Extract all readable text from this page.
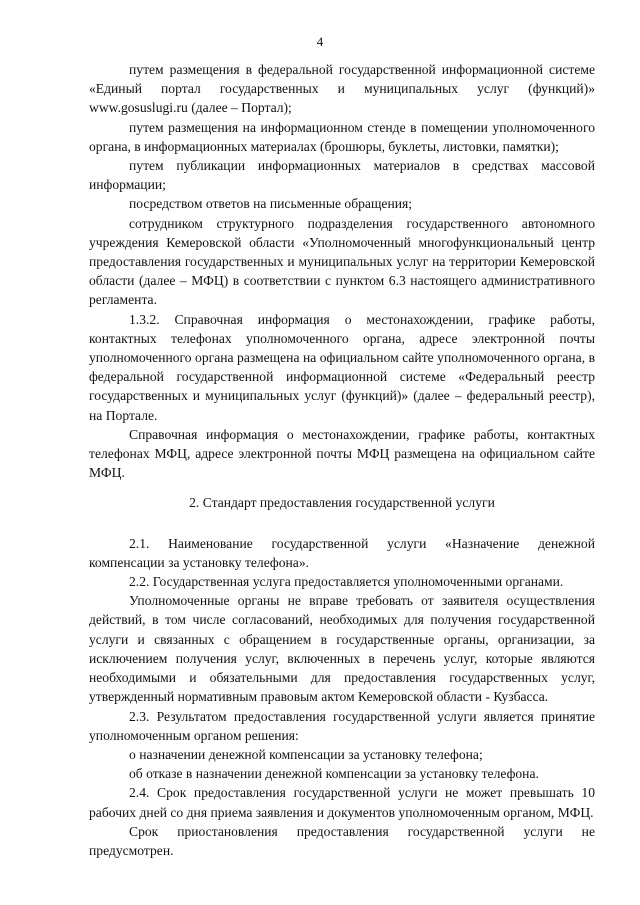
4

путем размещения в федеральной государственной информационной системе «Единый портал государственных и муниципальных услуг (функций)» www.gosuslugi.ru (далее – Портал);

путем размещения на информационном стенде в помещении уполномоченного органа, в информационных материалах (брошюры, буклеты, листовки, памятки);

путем публикации информационных материалов в средствах массовой информации;

посредством ответов на письменные обращения;

сотрудником структурного подразделения государственного автономного учреждения Кемеровской области «Уполномоченный многофункциональный центр предоставления государственных и муниципальных услуг на территории Кемеровской области (далее – МФЦ) в соответствии с пунктом 6.3 настоящего административного регламента.

1.3.2. Справочная информация о местонахождении, графике работы, контактных телефонах уполномоченного органа, адресе электронной почты уполномоченного органа размещена на официальном сайте уполномоченного органа, в федеральной государственной информационной системе «Федеральный реестр государственных и муниципальных услуг (функций)» (далее – федеральный реестр), на Портале.

Справочная информация о местонахождении, графике работы, контактных телефонах МФЦ, адресе электронной почты МФЦ размещена на официальном сайте МФЦ.

2. Стандарт предоставления государственной услуги

2.1. Наименование государственной услуги «Назначение денежной компенсации за установку телефона».

2.2. Государственная услуга предоставляется уполномоченными органами.

Уполномоченные органы не вправе требовать от заявителя осуществления действий, в том числе согласований, необходимых для получения государственной услуги и связанных с обращением в государственные органы, организации, за исключением получения услуг, включенных в перечень услуг, которые являются необходимыми и обязательными для предоставления государственных услуг, утвержденный нормативным правовым актом Кемеровской области - Кузбасса.

2.3. Результатом предоставления государственной услуги является принятие уполномоченным органом решения:

о назначении денежной компенсации за установку телефона;

об отказе в назначении денежной компенсации за установку телефона.

2.4. Срок предоставления государственной услуги не может превышать 10 рабочих дней со дня приема заявления и документов уполномоченным органом, МФЦ.

Срок приостановления предоставления государственной услуги не предусмотрен.
